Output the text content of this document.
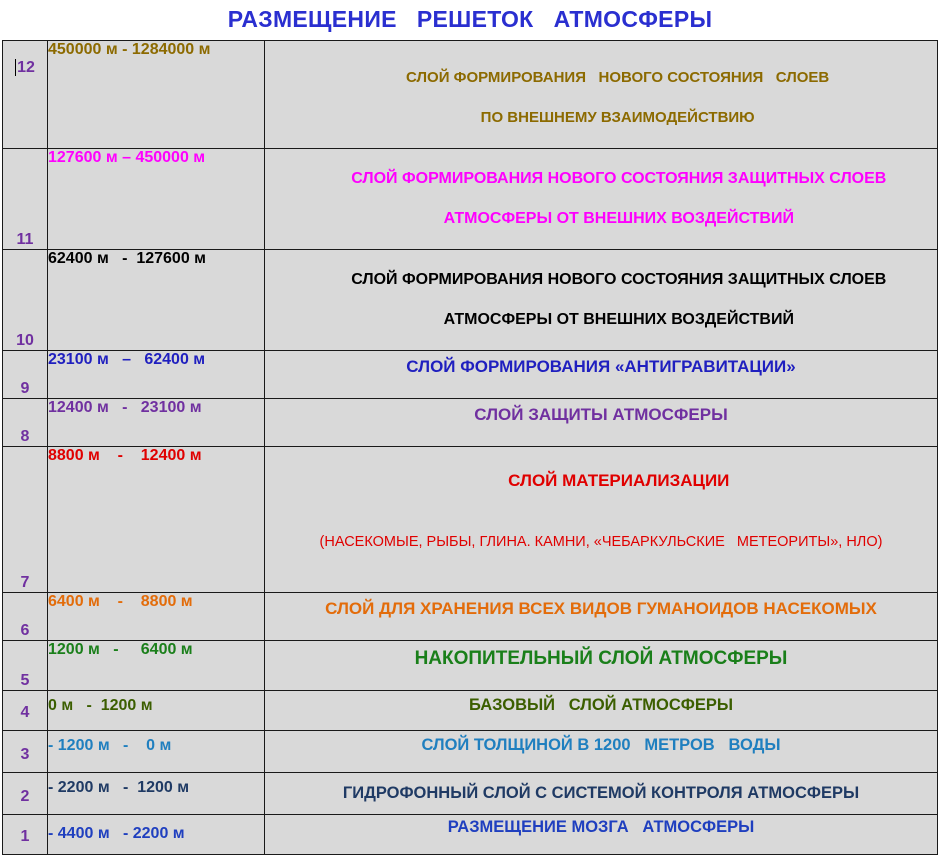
РАЗМЕЩЕНИЕ   РЕШЕТОК   АТМОСФЕРЫ
12	450000 м - 1284000 м	СЛОЙ ФОРМИРОВАНИЯ   НОВОГО СОСТОЯНИЯ   СЛОЕВ

ПО ВНЕШНЕМУ ВЗАИМОДЕЙСТВИЮ

11	127600 м – 450000 м	СЛОЙ ФОРМИРОВАНИЯ НОВОГО СОСТОЯНИЯ ЗАЩИТНЫХ СЛОЕВ

АТМОСФЕРЫ ОТ ВНЕШНИХ ВОЗДЕЙСТВИЙ

10	62400 м   -  127600 м	СЛОЙ ФОРМИРОВАНИЯ НОВОГО СОСТОЯНИЯ ЗАЩИТНЫХ СЛОЕВ

АТМОСФЕРЫ ОТ ВНЕШНИХ ВОЗДЕЙСТВИЙ

9	23100 м   –   62400 м	СЛОЙ ФОРМИРОВАНИЯ «АНТИГРАВИТАЦИИ»
8	12400 м   -   23100 м	СЛОЙ ЗАЩИТЫ АТМОСФЕРЫ
7	8800 м    -    12400 м	СЛОЙ МАТЕРИАЛИЗАЦИИ

(НАСЕКОМЫЕ, РЫБЫ, ГЛИНА. КАМНИ, «ЧЕБАРКУЛЬСКИЕ   МЕТЕОРИТЫ», НЛО)

6	6400 м    -    8800 м	СЛОЙ ДЛЯ ХРАНЕНИЯ ВСЕХ ВИДОВ ГУМАНОИДОВ НАСЕКОМЫХ
5	1200 м   -     6400 м	НАКОПИТЕЛЬНЫЙ СЛОЙ АТМОСФЕРЫ
4	0 м   -  1200 м	БАЗОВЫЙ   СЛОЙ АТМОСФЕРЫ
3	- 1200 м   -    0 м	СЛОЙ ТОЛЩИНОЙ В 1200   МЕТРОВ   ВОДЫ
2	- 2200 м   -  1200 м	ГИДРОФОННЫЙ СЛОЙ С СИСТЕМОЙ КОНТРОЛЯ АТМОСФЕРЫ
1	- 4400 м   - 2200 м	РАЗМЕЩЕНИЕ МОЗГА   АТМОСФЕРЫ
